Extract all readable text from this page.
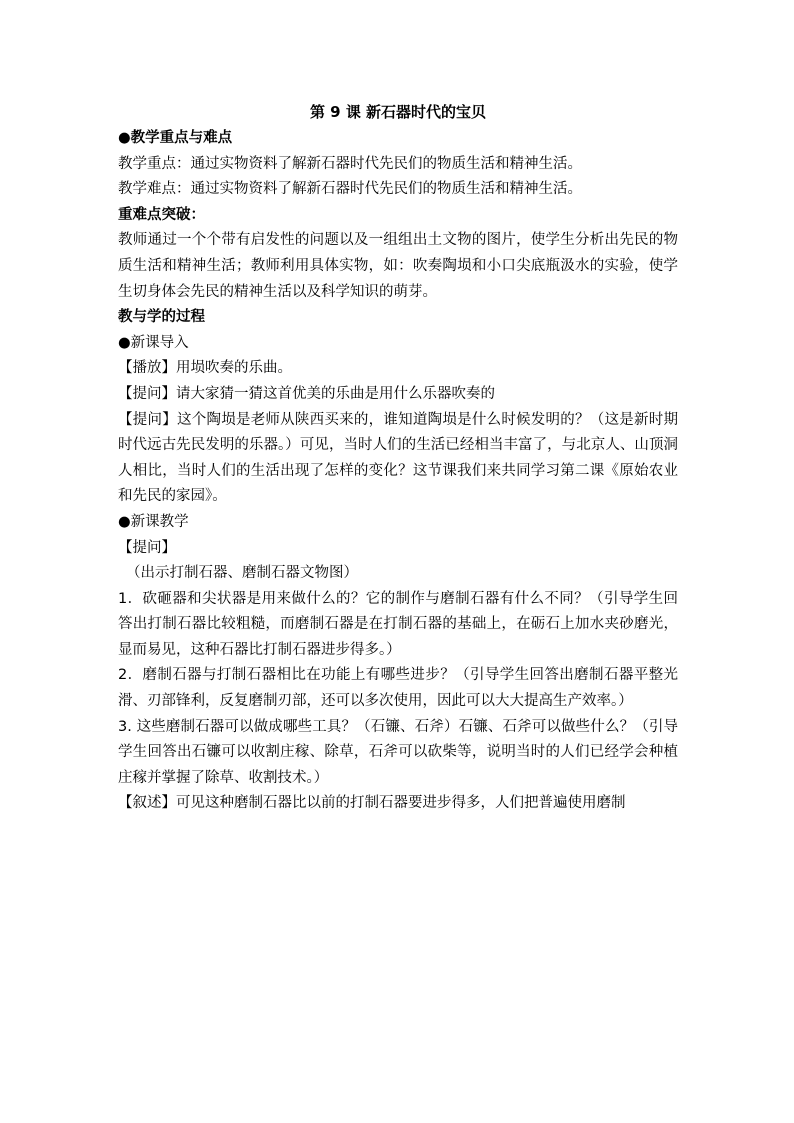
第 9 课 新石器时代的宝贝

●教学重点与难点

教学重点：通过实物资料了解新石器时代先民们的物质生活和精神生活。

教学难点：通过实物资料了解新石器时代先民们的物质生活和精神生活。

重难点突破：

教师通过一个个带有启发性的问题以及一组组出土文物的图片，使学生分析出先民的物质生活和精神生活；教师利用具体实物，如：吹奏陶埙和小口尖底瓶汲水的实验，使学生切身体会先民的精神生活以及科学知识的萌芽。

教与学的过程

●新课导入

【播放】用埙吹奏的乐曲。

【提问】请大家猜一猜这首优美的乐曲是用什么乐器吹奏的

【提问】这个陶埙是老师从陕西买来的，谁知道陶埙是什么时候发明的？（这是新时期时代远古先民发明的乐器。）可见，当时人们的生活已经相当丰富了，与北京人、山顶洞人相比，当时人们的生活出现了怎样的变化？这节课我们来共同学习第二课《原始农业和先民的家园》。

●新课教学

【提问】

（出示打制石器、磨制石器文物图）

1．砍砸器和尖状器是用来做什么的？它的制作与磨制石器有什么不同？（引导学生回答出打制石器比较粗糙，而磨制石器是在打制石器的基础上，在砺石上加水夹砂磨光，显而易见，这种石器比打制石器进步得多。）

2．磨制石器与打制石器相比在功能上有哪些进步？（引导学生回答出磨制石器平整光滑、刃部锋利，反复磨制刃部，还可以多次使用，因此可以大大提高生产效率。）

3. 这些磨制石器可以做成哪些工具？（石镰、石斧）石镰、石斧可以做些什么？（引导学生回答出石镰可以收割庄稼、除草，石斧可以砍柴等，说明当时的人们已经学会种植庄稼并掌握了除草、收割技术。）

【叙述】可见这种磨制石器比以前的打制石器要进步得多，人们把普遍使用磨制
